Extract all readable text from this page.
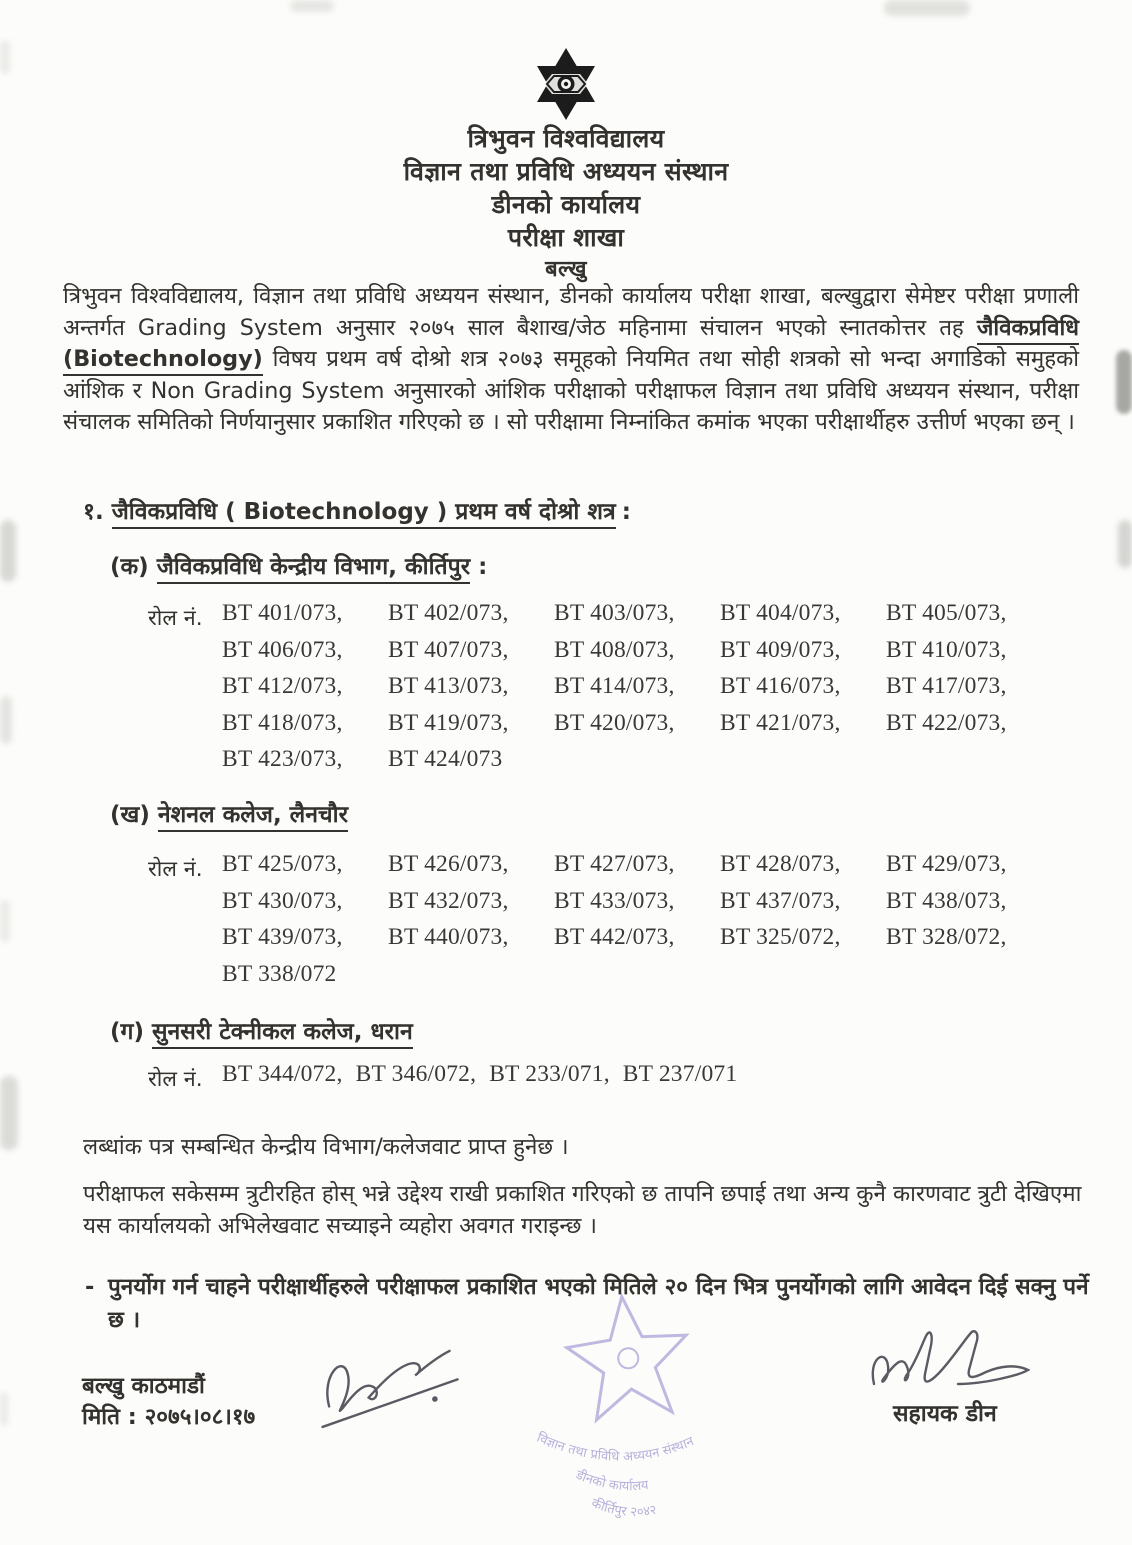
त्रिभुवन विश्वविद्यालय
विज्ञान तथा प्रविधि अध्ययन संस्थान
डीनको कार्यालय
परीक्षा शाखा
बल्खु

त्रिभुवन विश्वविद्यालय, विज्ञान तथा प्रविधि अध्ययन संस्थान, डीनको कार्यालय परीक्षा शाखा, बल्खुद्वारा सेमेष्टर परीक्षा प्रणाली अन्तर्गत Grading System अनुसार २०७५ साल बैशाख/जेठ महिनामा संचालन भएको स्नातकोत्तर तह जैविकप्रविधि (Biotechnology) विषय प्रथम वर्ष दोश्रो शत्र २०७३ समूहको नियमित तथा सोही शत्रको सो भन्दा अगाडिको समुहको आंशिक र Non Grading System अनुसारको आंशिक परीक्षाको परीक्षाफल विज्ञान तथा प्रविधि अध्ययन संस्थान, परीक्षा संचालक समितिको निर्णयानुसार प्रकाशित गरिएको छ । सो परीक्षामा निम्नांकित कमांक भएका परीक्षार्थीहरु उत्तीर्ण भएका छन् ।

१. जैविकप्रविधि ( Biotechnology ) प्रथम वर्ष दोश्रो शत्र :
(क) जैविकप्रविधि केन्द्रीय विभाग, कीर्तिपुर :
रोल नं. BT 401/073,	BT 402/073,	BT 403/073,	BT 404/073,	BT 405/073,
BT 406/073,	BT 407/073,	BT 408/073,	BT 409/073,	BT 410/073,
BT 412/073,	BT 413/073,	BT 414/073,	BT 416/073,	BT 417/073,
BT 418/073,	BT 419/073,	BT 420/073,	BT 421/073,	BT 422/073,
BT 423/073,	BT 424/073
(ख) नेशनल कलेज, लैनचौर
रोल नं. BT 425/073,	BT 426/073,	BT 427/073,	BT 428/073,	BT 429/073,
BT 430/073,	BT 432/073,	BT 433/073,	BT 437/073,	BT 438/073,
BT 439/073,	BT 440/073,	BT 442/073,	BT 325/072,	BT 328/072,
BT 338/072
(ग) सुनसरी टेक्नीकल कलेज, धरान
रोल नं. BT 344/072, BT 346/072, BT 233/071, BT 237/071

लब्धांक पत्र सम्बन्धित केन्द्रीय विभाग/कलेजवाट प्राप्त हुनेछ ।

परीक्षाफल सकेसम्म त्रुटीरहित होस् भन्ने उद्देश्य राखी प्रकाशित गरिएको छ तापनि छपाई तथा अन्य कुनै कारणवाट त्रुटी देखिएमा यस कार्यालयको अभिलेखवाट सच्याइने व्यहोरा अवगत गराइन्छ ।

- पुनर्योग गर्न चाहने परीक्षार्थीहरुले परीक्षाफल प्रकाशित भएको मितिले २० दिन भित्र पुनर्योगको लागि आवेदन दिई सक्नु पर्ने छ ।
बल्खु काठमाडौं
मिति : २०७५।०८।१७
विज्ञान तथा प्रविधि अध्ययन संस्थान
डीनको कार्यालय
कीर्तिपुर २०४२
सहायक डीन
